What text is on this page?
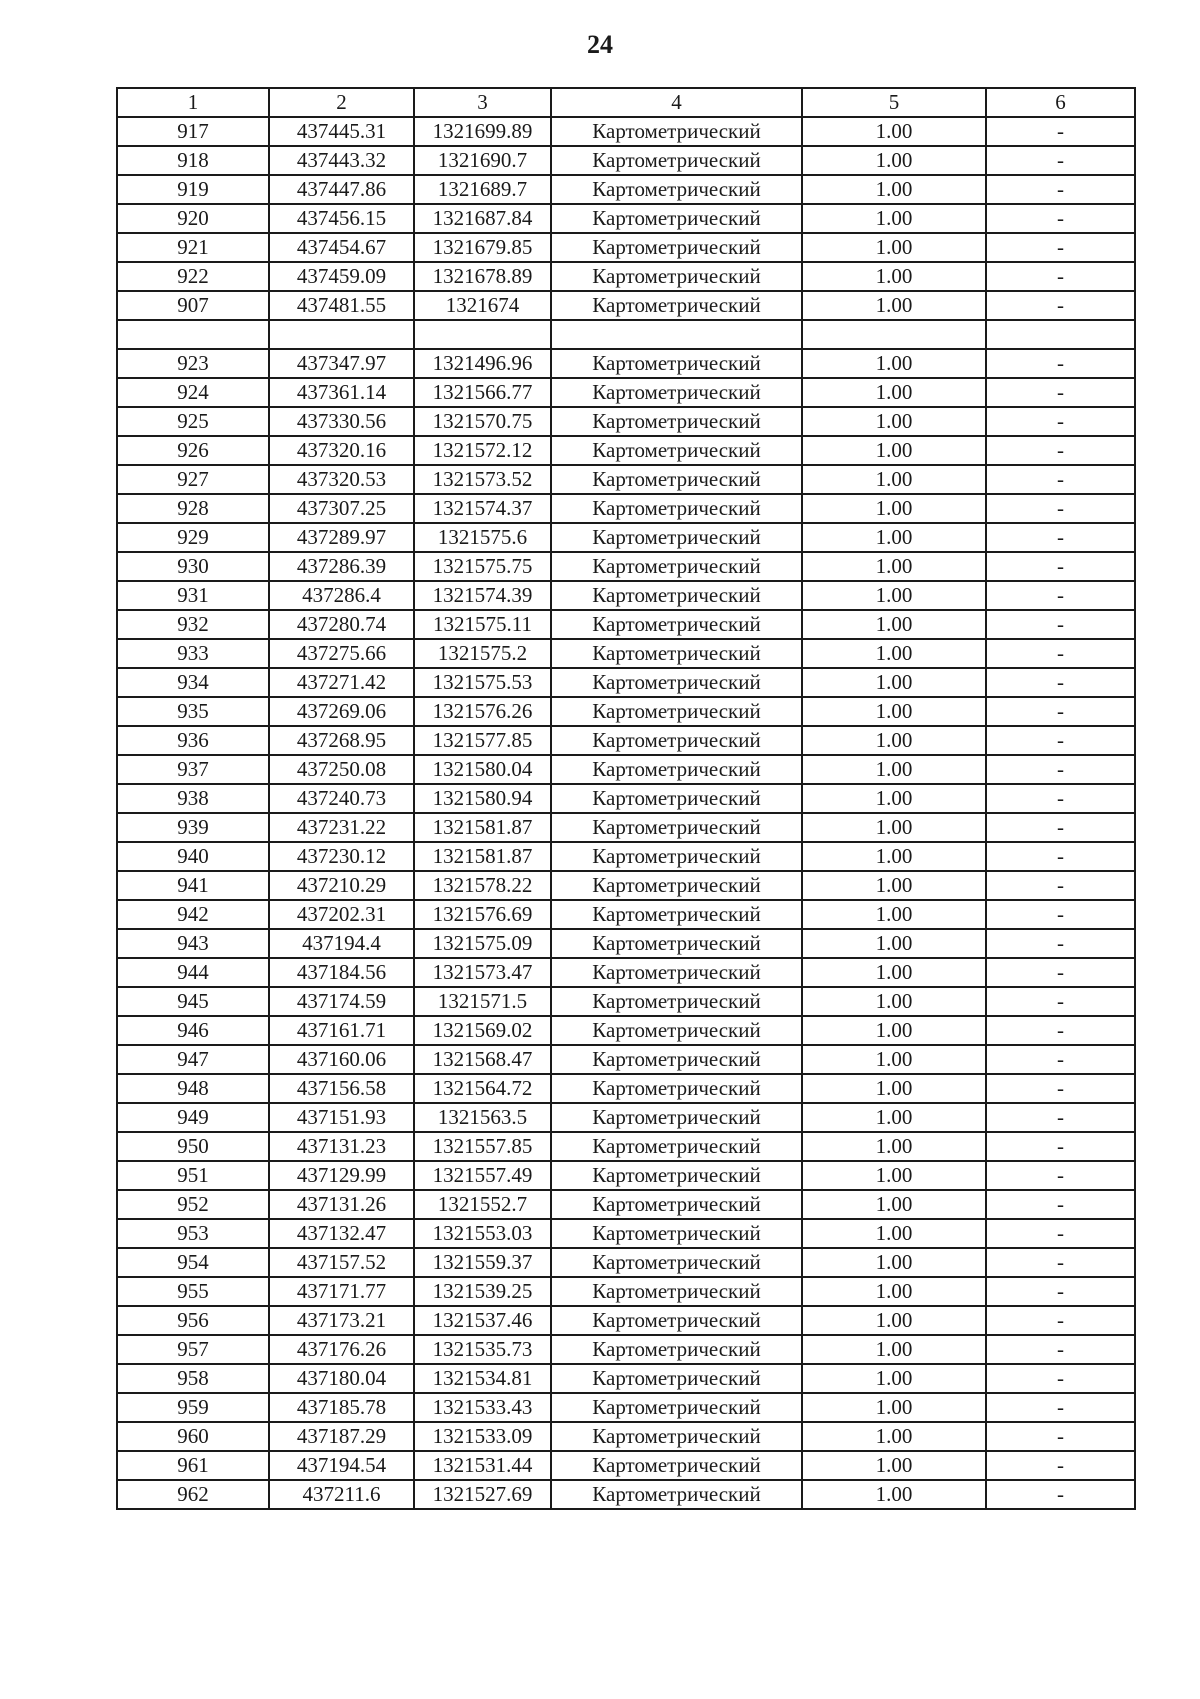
24
1	2	3	4	5	6
917	437445.31	1321699.89	Картометрический	1.00	-
918	437443.32	1321690.7	Картометрический	1.00	-
919	437447.86	1321689.7	Картометрический	1.00	-
920	437456.15	1321687.84	Картометрический	1.00	-
921	437454.67	1321679.85	Картометрический	1.00	-
922	437459.09	1321678.89	Картометрический	1.00	-
907	437481.55	1321674	Картометрический	1.00	-

923	437347.97	1321496.96	Картометрический	1.00	-
924	437361.14	1321566.77	Картометрический	1.00	-
925	437330.56	1321570.75	Картометрический	1.00	-
926	437320.16	1321572.12	Картометрический	1.00	-
927	437320.53	1321573.52	Картометрический	1.00	-
928	437307.25	1321574.37	Картометрический	1.00	-
929	437289.97	1321575.6	Картометрический	1.00	-
930	437286.39	1321575.75	Картометрический	1.00	-
931	437286.4	1321574.39	Картометрический	1.00	-
932	437280.74	1321575.11	Картометрический	1.00	-
933	437275.66	1321575.2	Картометрический	1.00	-
934	437271.42	1321575.53	Картометрический	1.00	-
935	437269.06	1321576.26	Картометрический	1.00	-
936	437268.95	1321577.85	Картометрический	1.00	-
937	437250.08	1321580.04	Картометрический	1.00	-
938	437240.73	1321580.94	Картометрический	1.00	-
939	437231.22	1321581.87	Картометрический	1.00	-
940	437230.12	1321581.87	Картометрический	1.00	-
941	437210.29	1321578.22	Картометрический	1.00	-
942	437202.31	1321576.69	Картометрический	1.00	-
943	437194.4	1321575.09	Картометрический	1.00	-
944	437184.56	1321573.47	Картометрический	1.00	-
945	437174.59	1321571.5	Картометрический	1.00	-
946	437161.71	1321569.02	Картометрический	1.00	-
947	437160.06	1321568.47	Картометрический	1.00	-
948	437156.58	1321564.72	Картометрический	1.00	-
949	437151.93	1321563.5	Картометрический	1.00	-
950	437131.23	1321557.85	Картометрический	1.00	-
951	437129.99	1321557.49	Картометрический	1.00	-
952	437131.26	1321552.7	Картометрический	1.00	-
953	437132.47	1321553.03	Картометрический	1.00	-
954	437157.52	1321559.37	Картометрический	1.00	-
955	437171.77	1321539.25	Картометрический	1.00	-
956	437173.21	1321537.46	Картометрический	1.00	-
957	437176.26	1321535.73	Картометрический	1.00	-
958	437180.04	1321534.81	Картометрический	1.00	-
959	437185.78	1321533.43	Картометрический	1.00	-
960	437187.29	1321533.09	Картометрический	1.00	-
961	437194.54	1321531.44	Картометрический	1.00	-
962	437211.6	1321527.69	Картометрический	1.00	-
